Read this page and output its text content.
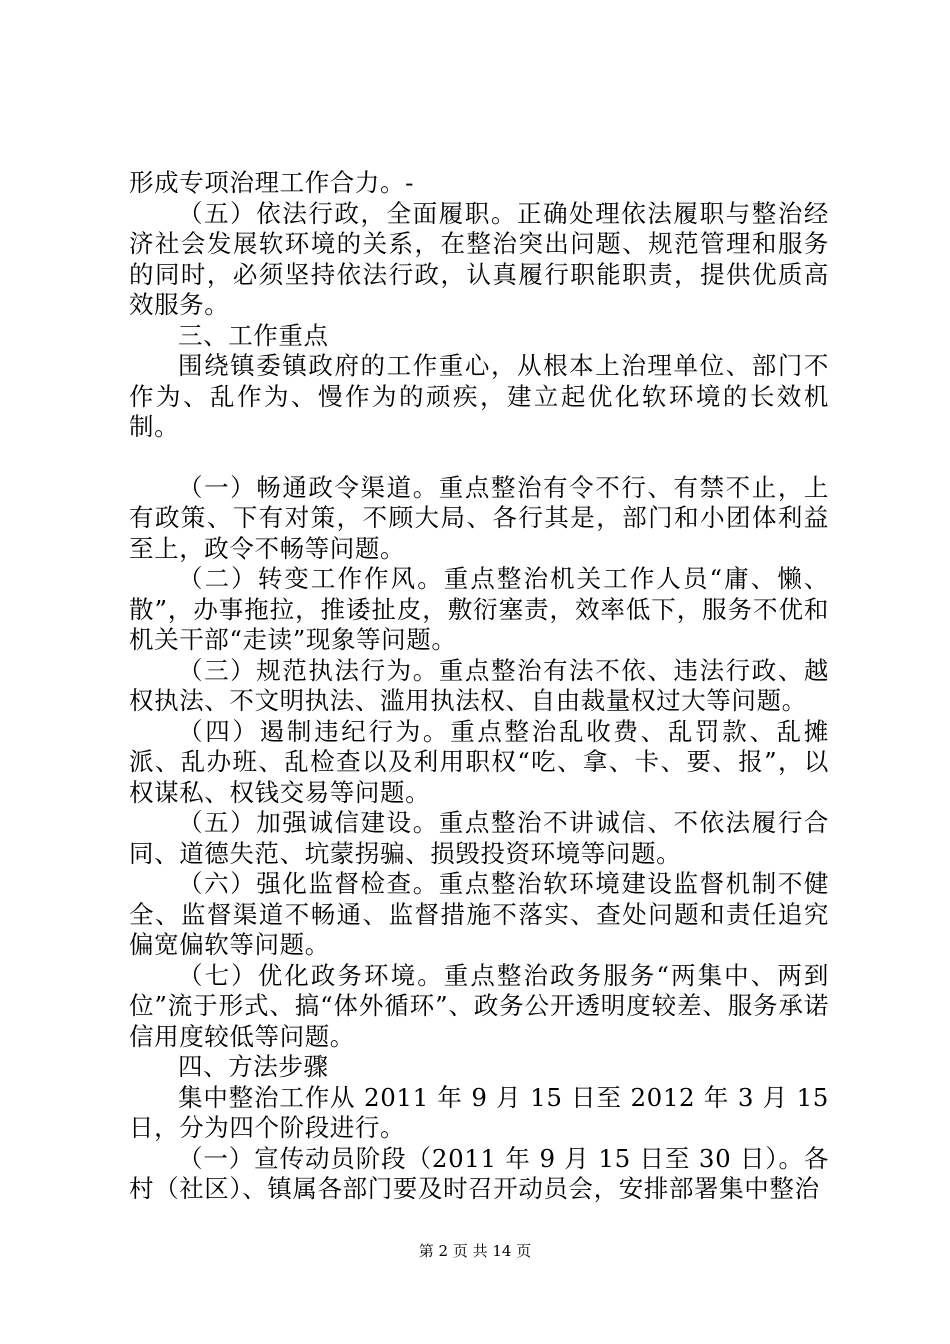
形成专项治理工作合力。-

（五）依法行政，全面履职。正确处理依法履职与整治经济社会发展软环境的关系，在整治突出问题、规范管理和服务的同时，必须坚持依法行政，认真履行职能职责，提供优质高效服务。

三、工作重点

围绕镇委镇政府的工作重心，从根本上治理单位、部门不作为、乱作为、慢作为的顽疾，建立起优化软环境的长效机制。

（一）畅通政令渠道。重点整治有令不行、有禁不止，上有政策、下有对策，不顾大局、各行其是，部门和小团体利益至上，政令不畅等问题。

（二）转变工作作风。重点整治机关工作人员“庸、懒、散”，办事拖拉，推诿扯皮，敷衍塞责，效率低下，服务不优和机关干部“走读”现象等问题。

（三）规范执法行为。重点整治有法不依、违法行政、越权执法、不文明执法、滥用执法权、自由裁量权过大等问题。

（四）遏制违纪行为。重点整治乱收费、乱罚款、乱摊派、乱办班、乱检查以及利用职权“吃、拿、卡、要、报”，以权谋私、权钱交易等问题。

（五）加强诚信建设。重点整治不讲诚信、不依法履行合同、道德失范、坑蒙拐骗、损毁投资环境等问题。

（六）强化监督检查。重点整治软环境建设监督机制不健全、监督渠道不畅通、监督措施不落实、查处问题和责任追究偏宽偏软等问题。

（七）优化政务环境。重点整治政务服务“两集中、两到位”流于形式、搞“体外循环”、政务公开透明度较差、服务承诺信用度较低等问题。

四、方法步骤

集中整治工作从 2011 年 9 月 15 日至 2012 年 3 月 15 日，分为四个阶段进行。

（一）宣传动员阶段（2011 年 9 月 15 日至 30 日）。各村（社区）、镇属各部门要及时召开动员会，安排部署集中整治

第 2 页 共 14 页
